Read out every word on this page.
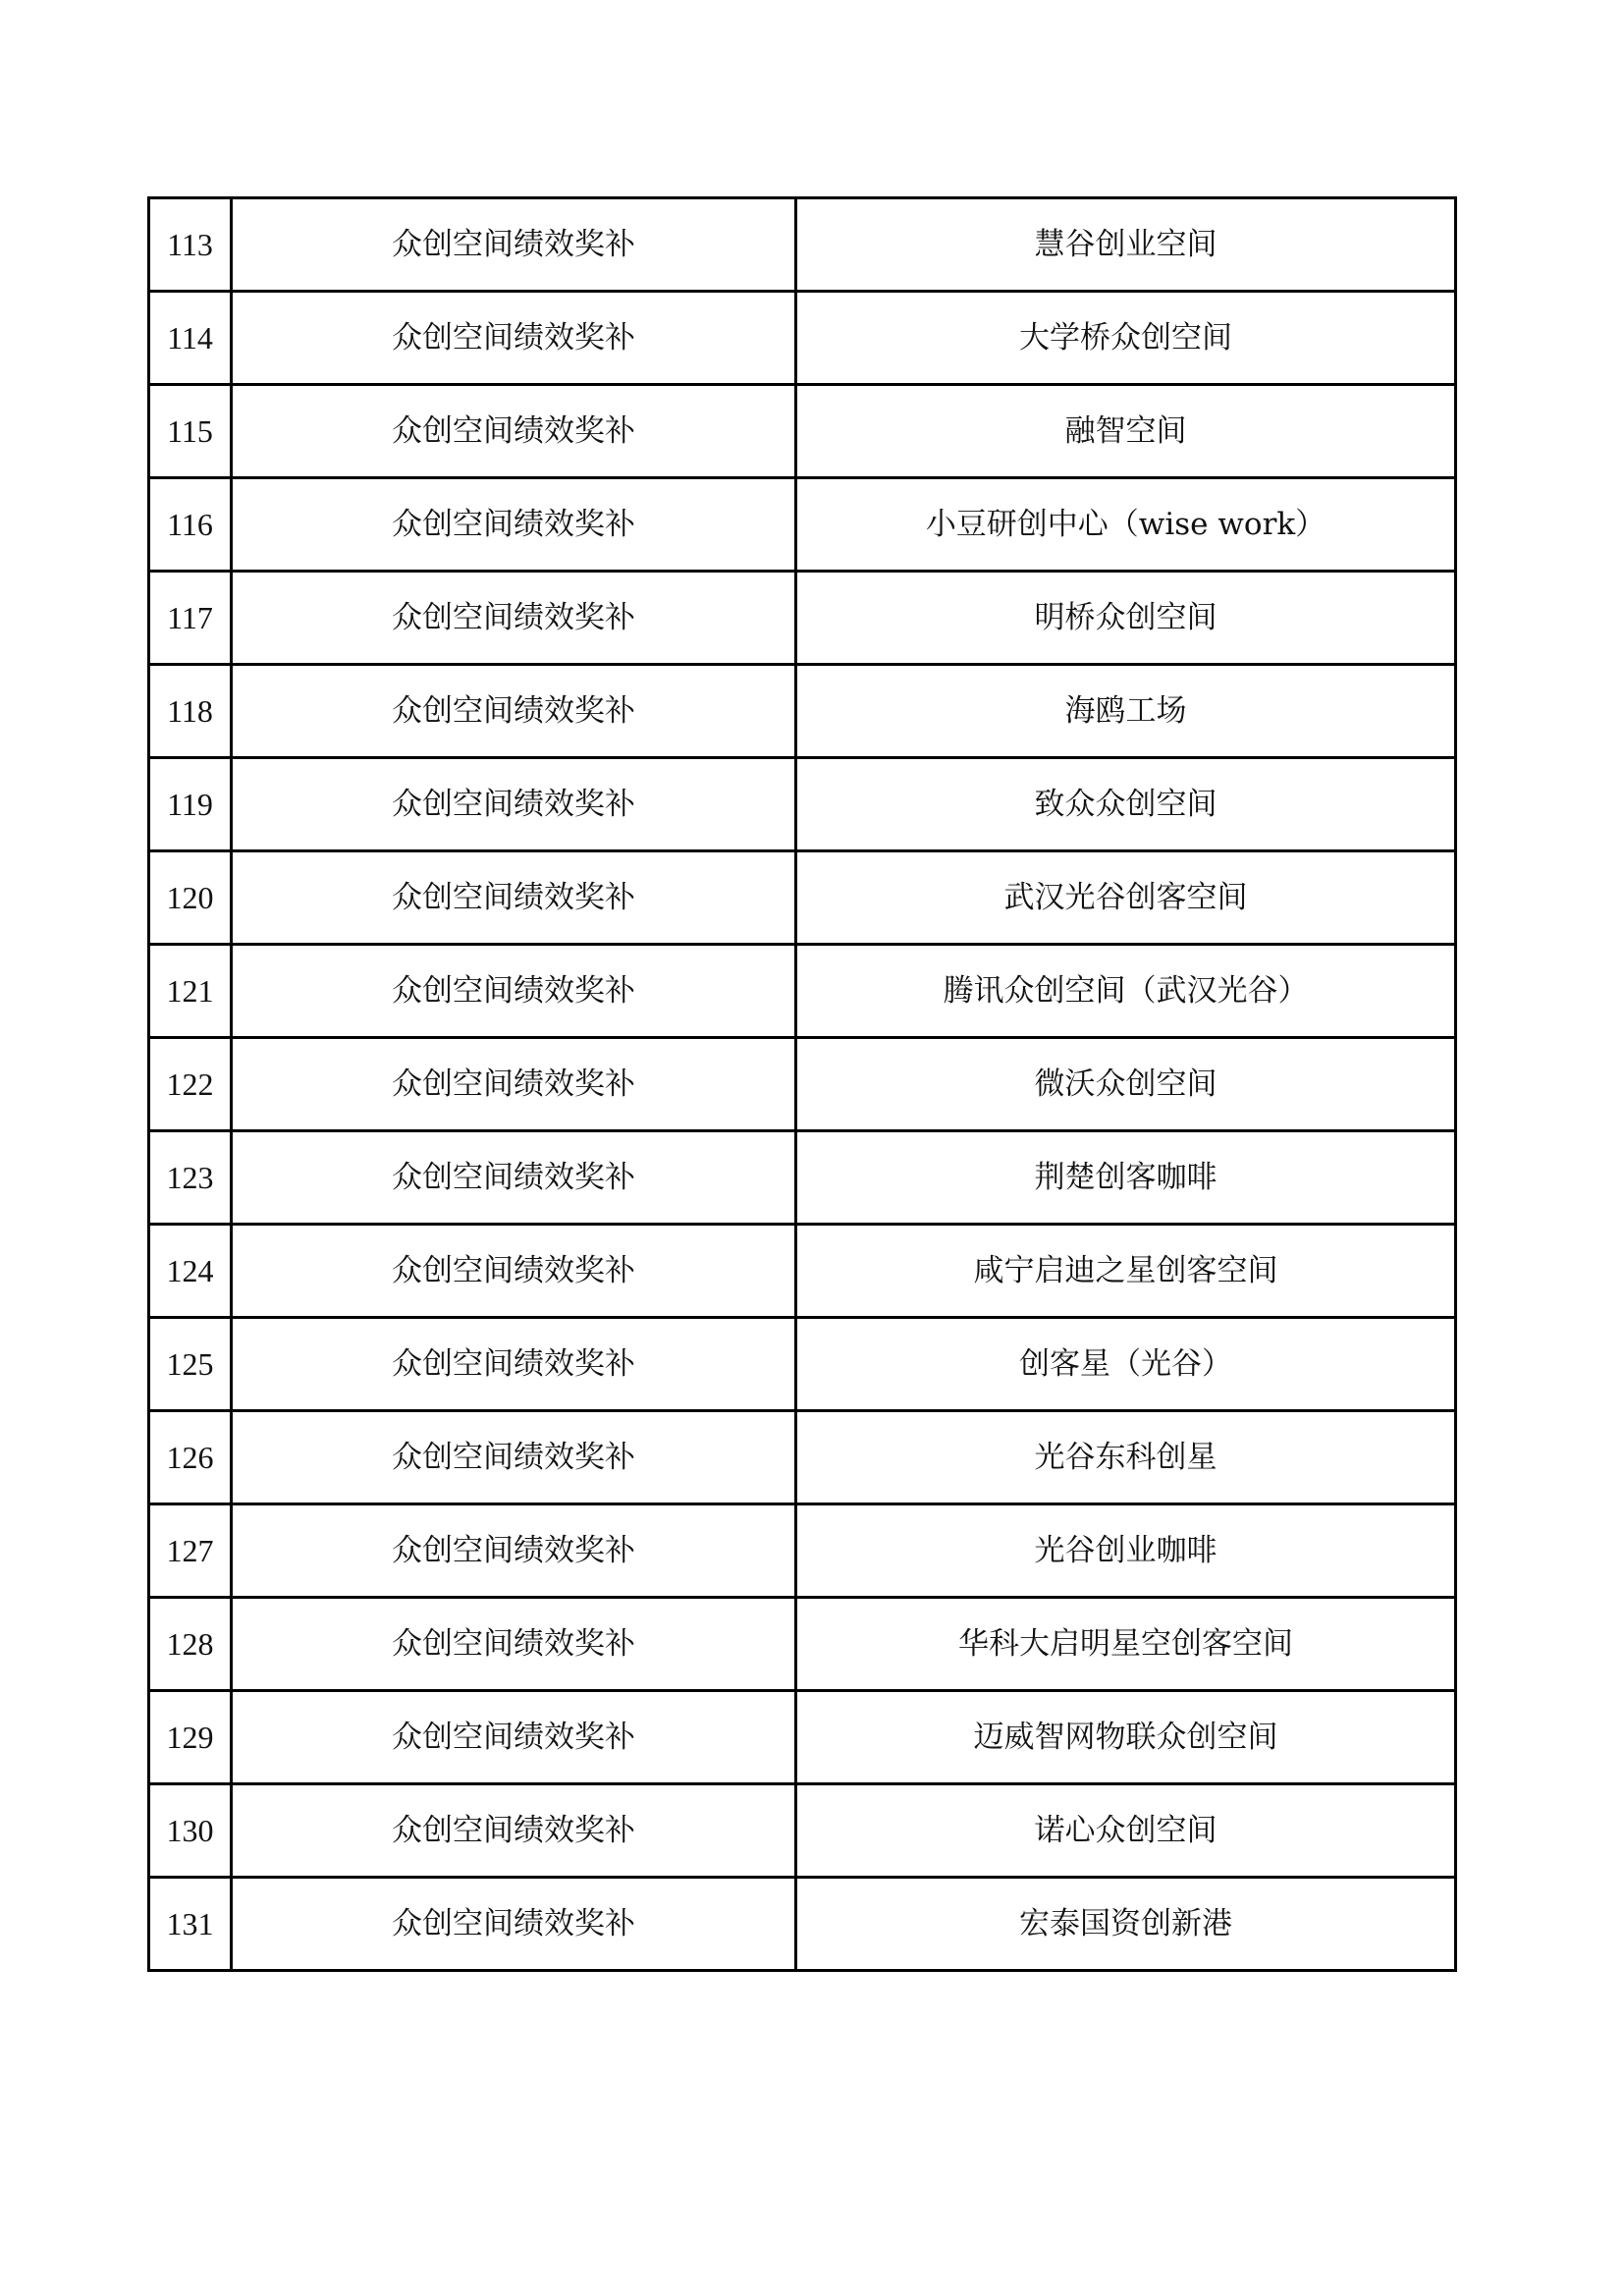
113	众创空间绩效奖补	慧谷创业空间
114	众创空间绩效奖补	大学桥众创空间
115	众创空间绩效奖补	融智空间
116	众创空间绩效奖补	小豆研创中心（wise work）
117	众创空间绩效奖补	明桥众创空间
118	众创空间绩效奖补	海鸥工场
119	众创空间绩效奖补	致众众创空间
120	众创空间绩效奖补	武汉光谷创客空间
121	众创空间绩效奖补	腾讯众创空间（武汉光谷）
122	众创空间绩效奖补	微沃众创空间
123	众创空间绩效奖补	荆楚创客咖啡
124	众创空间绩效奖补	咸宁启迪之星创客空间
125	众创空间绩效奖补	创客星（光谷）
126	众创空间绩效奖补	光谷东科创星
127	众创空间绩效奖补	光谷创业咖啡
128	众创空间绩效奖补	华科大启明星空创客空间
129	众创空间绩效奖补	迈威智网物联众创空间
130	众创空间绩效奖补	诺心众创空间
131	众创空间绩效奖补	宏泰国资创新港
